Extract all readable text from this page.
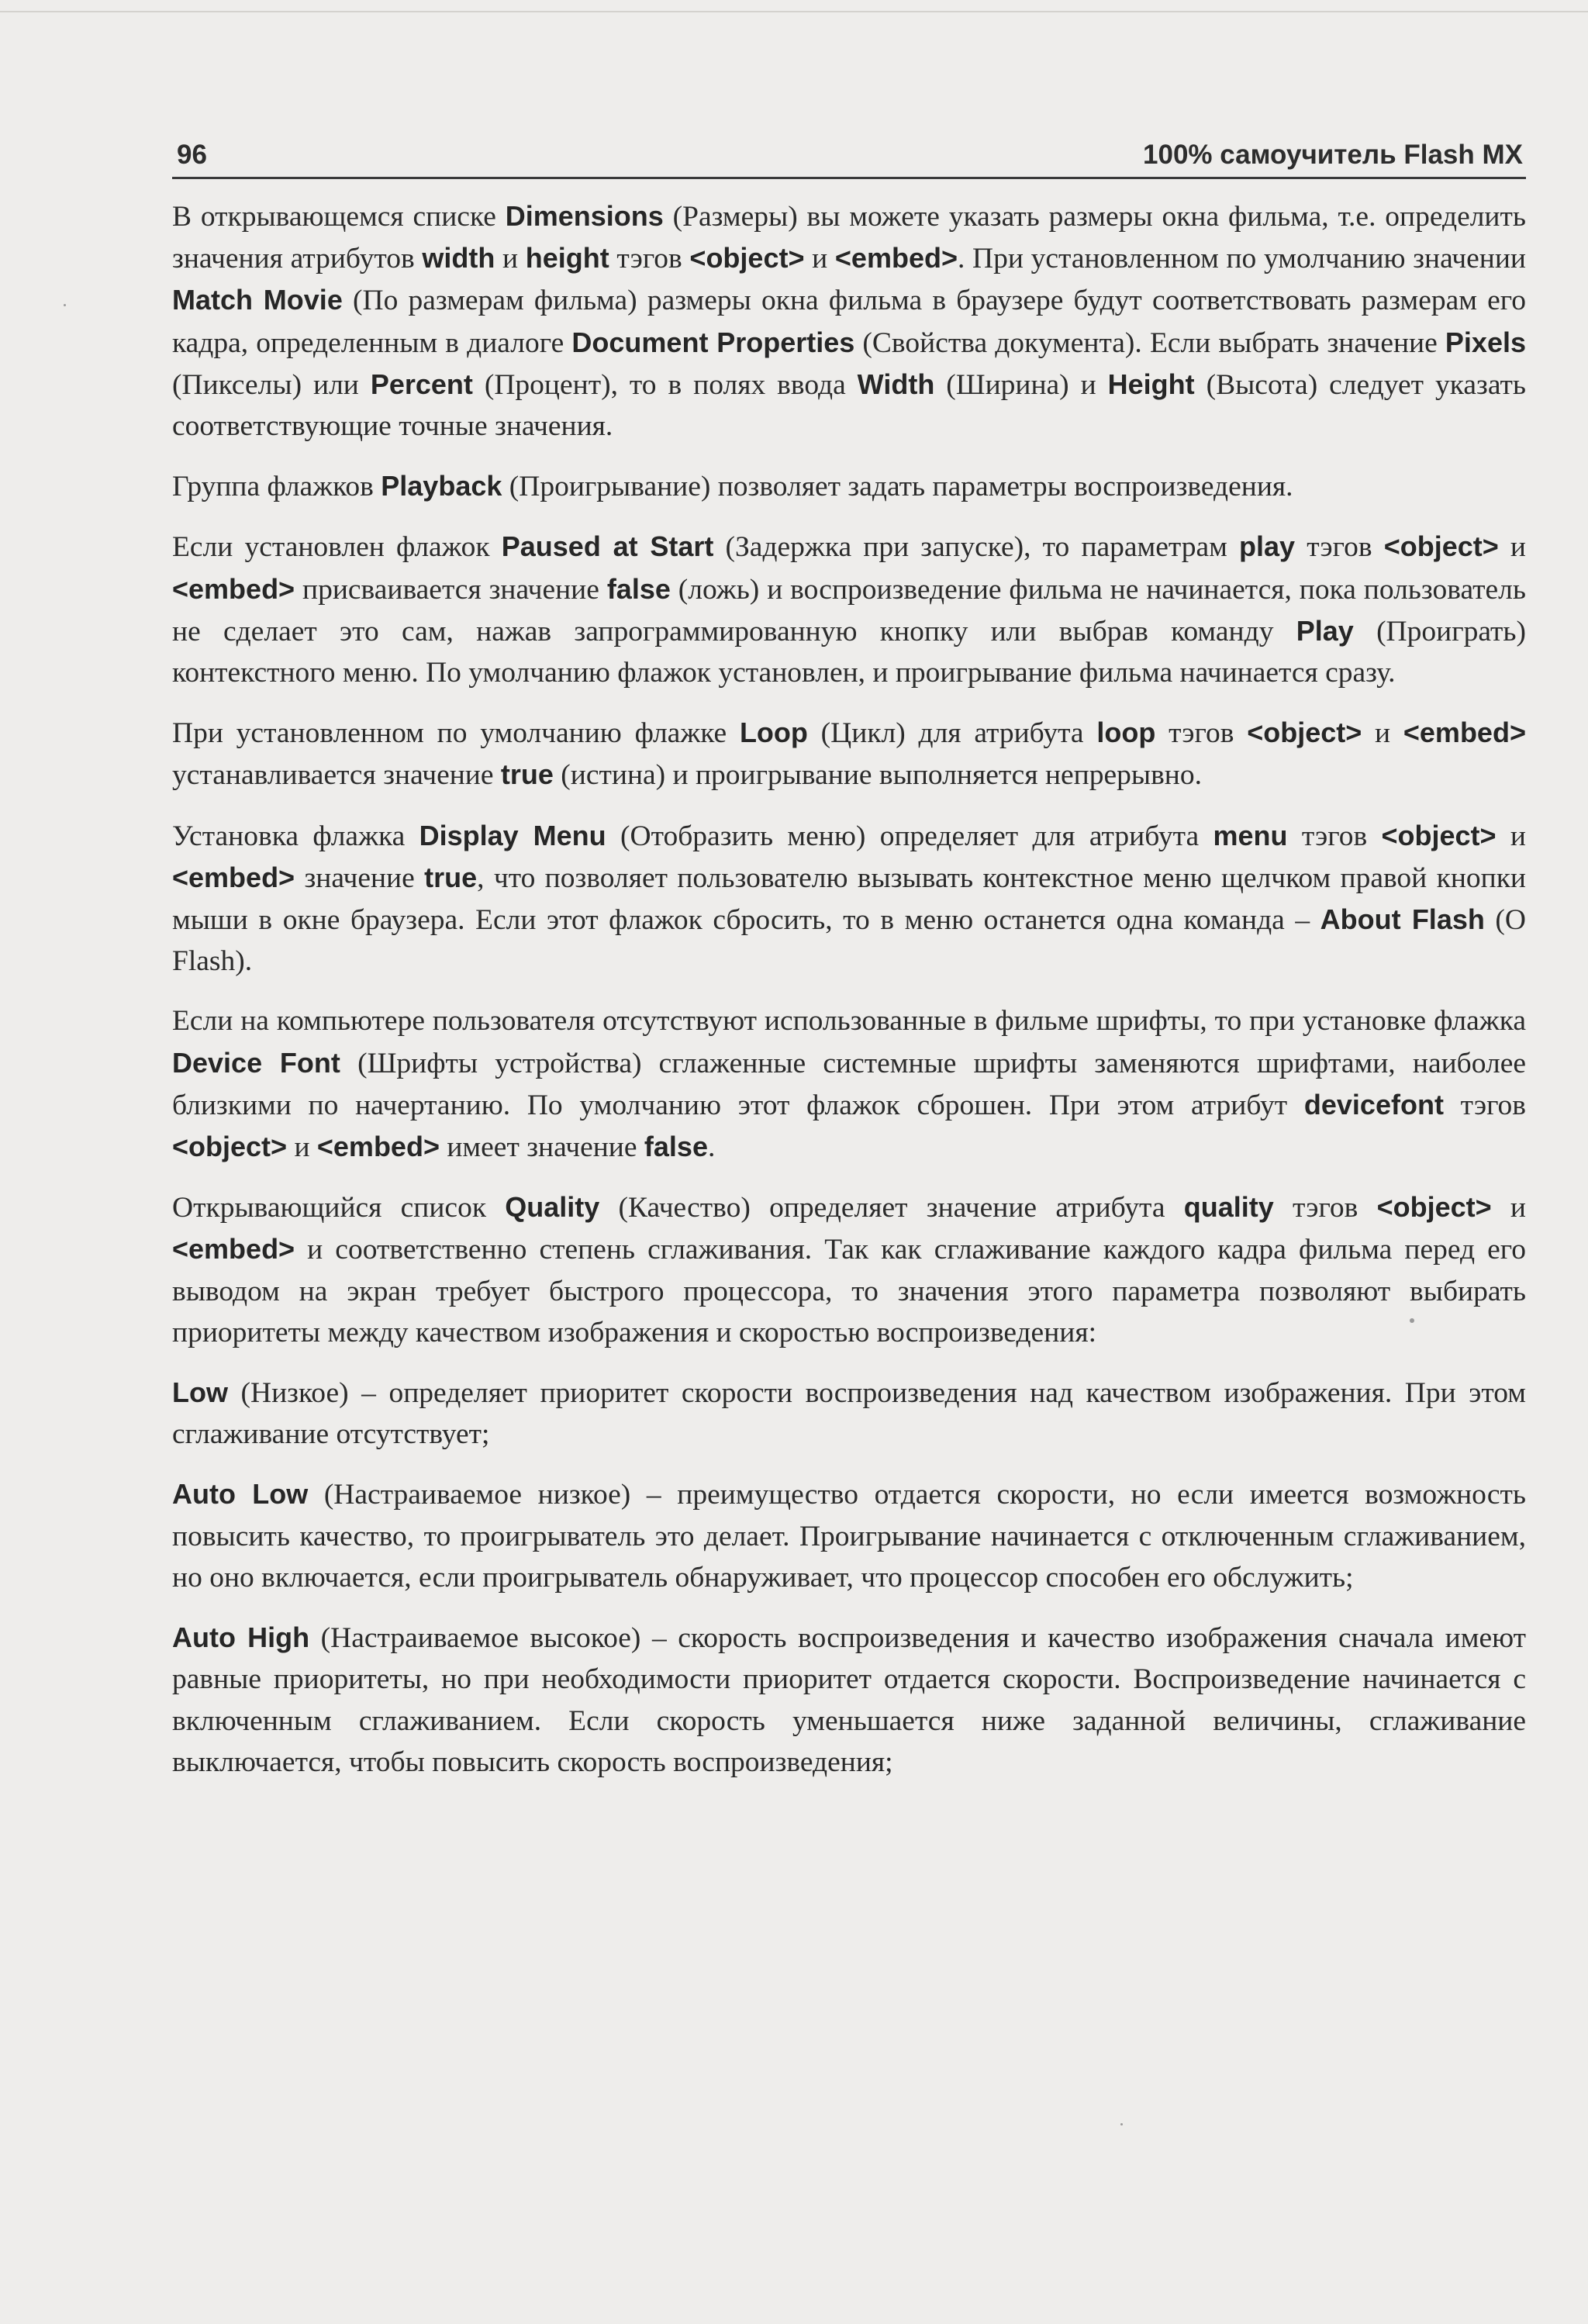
96	100% самоучитель Flash MX

В открывающемся списке Dimensions (Размеры) вы можете указать размеры окна фильма, т.е. определить значения атрибутов width и height тэгов <object> и <embed>. При установленном по умолчанию значении Match Movie (По размерам фильма) размеры окна фильма в браузере будут соответствовать размерам его кадра, определенным в диалоге Document Properties (Свойства документа). Если выбрать значение Pixels (Пикселы) или Percent (Процент), то в полях ввода Width (Ширина) и Height (Высота) следует указать соответствующие точные значения.

Группа флажков Playback (Проигрывание) позволяет задать параметры воспроизведения.

Если установлен флажок Paused at Start (Задержка при запуске), то параметрам play тэгов <object> и <embed> присваивается значение false (ложь) и воспроизведение фильма не начинается, пока пользователь не сделает это сам, нажав запрограммированную кнопку или выбрав команду Play (Проиграть) контекстного меню. По умолчанию флажок установлен, и проигрывание фильма начинается сразу.

При установленном по умолчанию флажке Loop (Цикл) для атрибута loop тэгов <object> и <embed> устанавливается значение true (истина) и проигрывание выполняется непрерывно.

Установка флажка Display Menu (Отобразить меню) определяет для атрибута menu тэгов <object> и <embed> значение true, что позволяет пользователю вызывать контекстное меню щелчком правой кнопки мыши в окне браузера. Если этот флажок сбросить, то в меню останется одна команда – About Flash (О Flash).

Если на компьютере пользователя отсутствуют использованные в фильме шрифты, то при установке флажка Device Font (Шрифты устройства) сглаженные системные шрифты заменяются шрифтами, наиболее близкими по начертанию. По умолчанию этот флажок сброшен. При этом атрибут devicefont тэгов <object> и <embed> имеет значение false.

Открывающийся список Quality (Качество) определяет значение атрибута quality тэгов <object> и <embed> и соответственно степень сглаживания. Так как сглаживание каждого кадра фильма перед его выводом на экран требует быстрого процессора, то значения этого параметра позволяют выбирать приоритеты между качеством изображения и скоростью воспроизведения:

Low (Низкое) – определяет приоритет скорости воспроизведения над качеством изображения. При этом сглаживание отсутствует;

Auto Low (Настраиваемое низкое) – преимущество отдается скорости, но если имеется возможность повысить качество, то проигрыватель это делает. Проигрывание начинается с отключенным сглаживанием, но оно включается, если проигрыватель обнаруживает, что процессор способен его обслужить;

Auto High (Настраиваемое высокое) – скорость воспроизведения и качество изображения сначала имеют равные приоритеты, но при необходимости приоритет отдается скорости. Воспроизведение начинается с включенным сглаживанием. Если скорость уменьшается ниже заданной величины, сглаживание выключается, чтобы повысить скорость воспроизведения;
